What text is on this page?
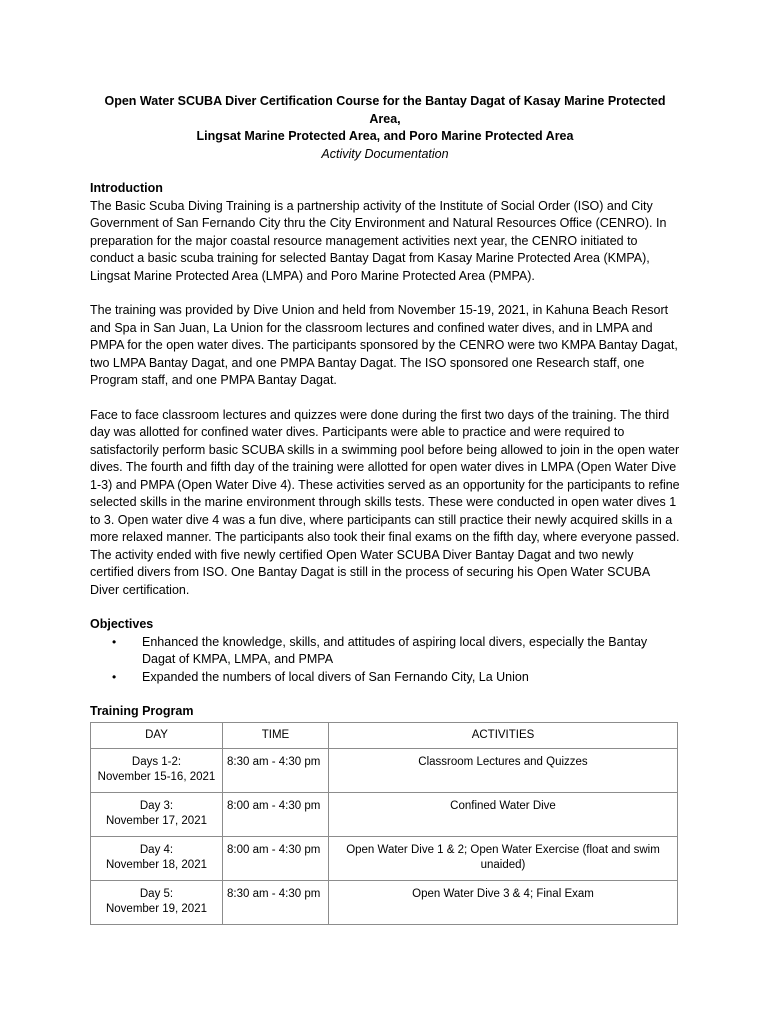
Open Water SCUBA Diver Certification Course for the Bantay Dagat of Kasay Marine Protected Area,
Lingsat Marine Protected Area, and Poro Marine Protected Area

Activity Documentation

Introduction

The Basic Scuba Diving Training is a partnership activity of the Institute of Social Order (ISO) and City Government of San Fernando City thru the City Environment and Natural Resources Office (CENRO). In preparation for the major coastal resource management activities next year, the CENRO initiated to conduct a basic scuba training for selected Bantay Dagat from Kasay Marine Protected Area (KMPA), Lingsat Marine Protected Area (LMPA) and Poro Marine Protected Area (PMPA).

The training was provided by Dive Union and held from November 15-19, 2021, in Kahuna Beach Resort and Spa in San Juan, La Union for the classroom lectures and confined water dives, and in LMPA and PMPA for the open water dives. The participants sponsored by the CENRO were two KMPA Bantay Dagat, two LMPA Bantay Dagat, and one PMPA Bantay Dagat. The ISO sponsored one Research staff, one Program staff, and one PMPA Bantay Dagat.

Face to face classroom lectures and quizzes were done during the first two days of the training. The third day was allotted for confined water dives. Participants were able to practice and were required to satisfactorily perform basic SCUBA skills in a swimming pool before being allowed to join in the open water dives. The fourth and fifth day of the training were allotted for open water dives in LMPA (Open Water Dive 1-3) and PMPA (Open Water Dive 4). These activities served as an opportunity for the participants to refine selected skills in the marine environment through skills tests. These were conducted in open water dives 1 to 3. Open water dive 4 was a fun dive, where participants can still practice their newly acquired skills in a more relaxed manner. The participants also took their final exams on the fifth day, where everyone passed. The activity ended with five newly certified Open Water SCUBA Diver Bantay Dagat and two newly certified divers from ISO. One Bantay Dagat is still in the process of securing his Open Water SCUBA Diver certification.

Objectives

• Enhanced the knowledge, skills, and attitudes of aspiring local divers, especially the Bantay Dagat of KMPA, LMPA, and PMPA
• Expanded the numbers of local divers of San Fernando City, La Union

Training Program

DAY	TIME	ACTIVITIES

Days 1-2:
November 15-16, 2021	8:30 am - 4:30 pm	Classroom Lectures and Quizzes

Day 3:
November 17, 2021	8:00 am - 4:30 pm	Confined Water Dive

Day 4:
November 18, 2021	8:00 am - 4:30 pm	Open Water Dive 1 & 2; Open Water Exercise (float and swim unaided)

Day 5:
November 19, 2021	8:30 am - 4:30 pm	Open Water Dive 3 & 4; Final Exam
